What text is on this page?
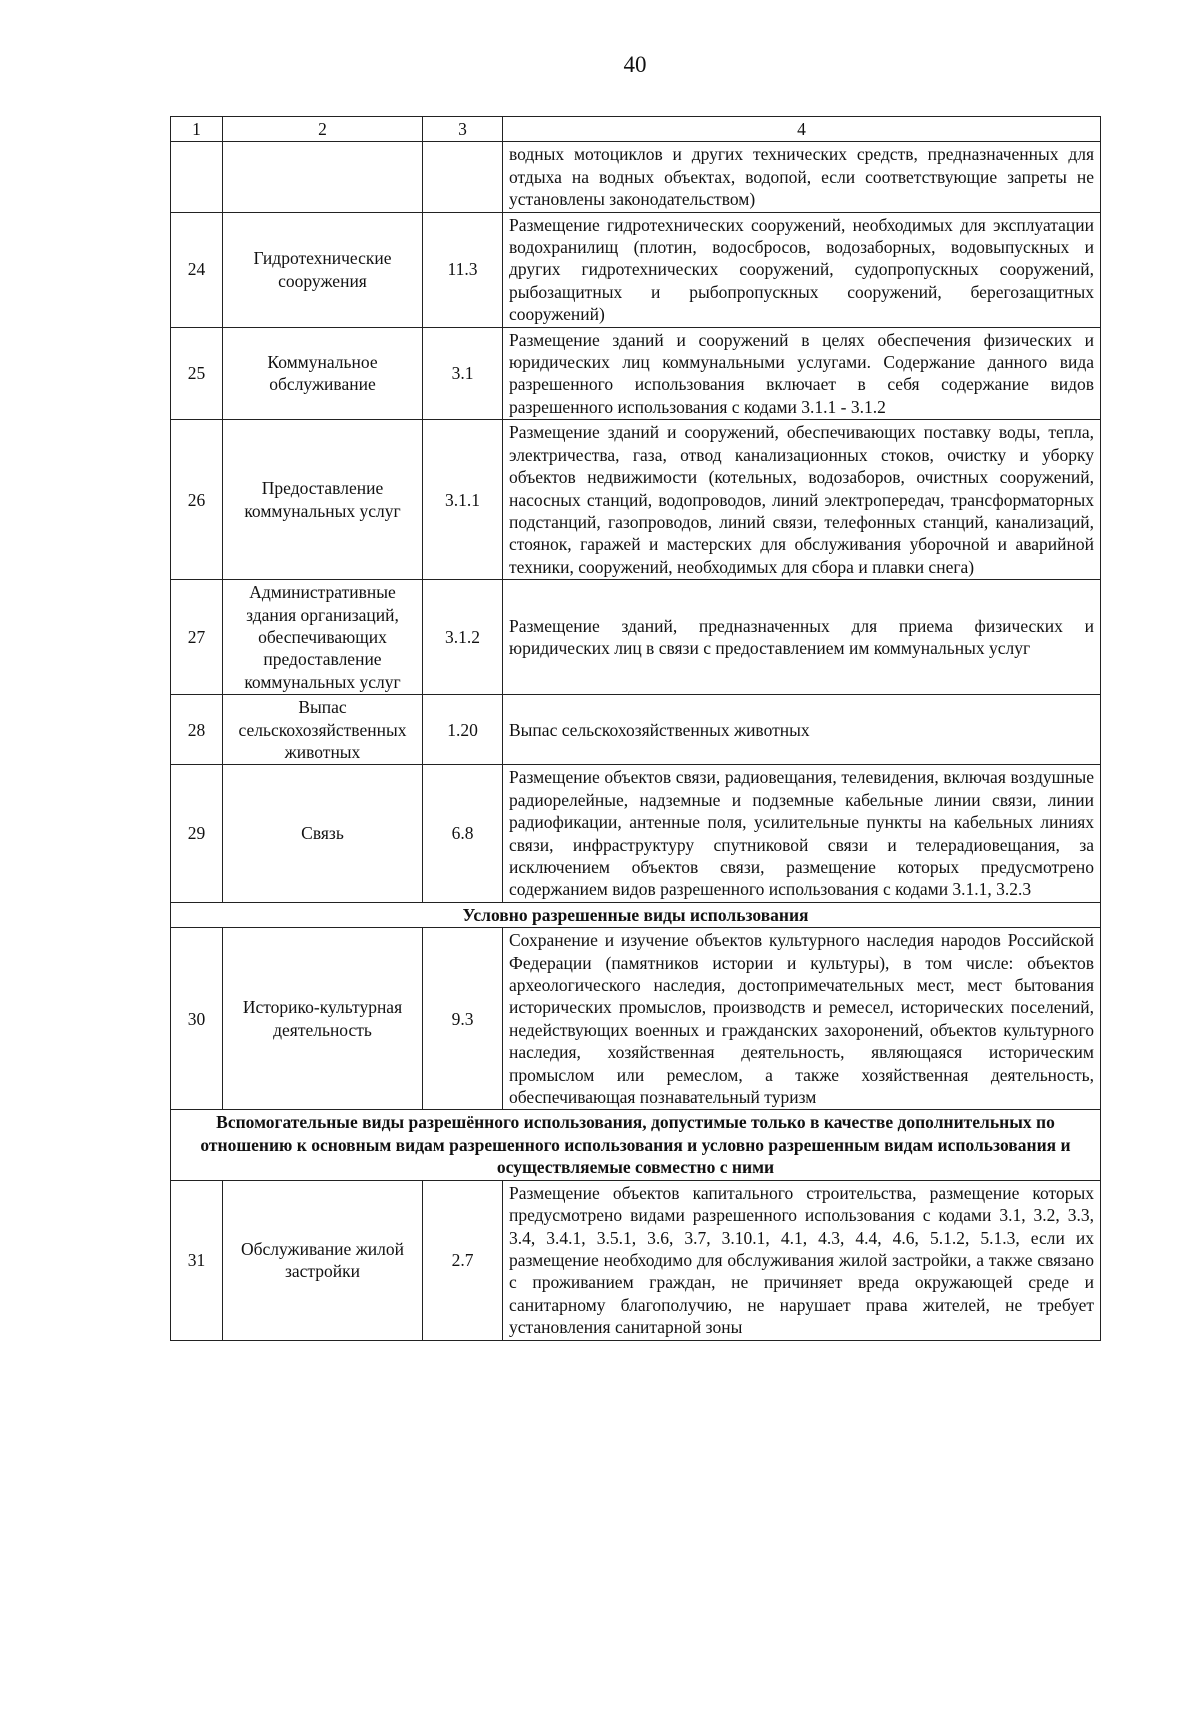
40
1	2	3	4
			водных мотоциклов и других технических средств, предназначенных для отдыха на водных объектах, водопой, если соответствующие запреты не установлены законодательством)
24	Гидротехнические сооружения	11.3	Размещение гидротехнических сооружений, необходимых для эксплуатации водохранилищ (плотин, водосбросов, водозаборных, водовыпускных и других гидротехнических сооружений, судопропускных сооружений, рыбозащитных и рыбопропускных сооружений, берегозащитных сооружений)
25	Коммунальное обслуживание	3.1	Размещение зданий и сооружений в целях обеспечения физических и юридических лиц коммунальными услугами. Содержание данного вида разрешенного использования включает в себя содержание видов разрешенного использования с кодами 3.1.1 - 3.1.2
26	Предоставление коммунальных услуг	3.1.1	Размещение зданий и сооружений, обеспечивающих поставку воды, тепла, электричества, газа, отвод канализационных стоков, очистку и уборку объектов недвижимости (котельных, водозаборов, очистных сооружений, насосных станций, водопроводов, линий электропередач, трансформаторных подстанций, газопроводов, линий связи, телефонных станций, канализаций, стоянок, гаражей и мастерских для обслуживания уборочной и аварийной техники, сооружений, необходимых для сбора и плавки снега)
27	Административные здания организаций, обеспечивающих предоставление коммунальных услуг	3.1.2	Размещение зданий, предназначенных для приема физических и юридических лиц в связи с предоставлением им коммунальных услуг
28	Выпас сельскохозяйственных животных	1.20	Выпас сельскохозяйственных животных
29	Связь	6.8	Размещение объектов связи, радиовещания, телевидения, включая воздушные радиорелейные, надземные и подземные кабельные линии связи, линии радиофикации, антенные поля, усилительные пункты на кабельных линиях связи, инфраструктуру спутниковой связи и телерадиовещания, за исключением объектов связи, размещение которых предусмотрено содержанием видов разрешенного использования с кодами 3.1.1, 3.2.3
Условно разрешенные виды использования			
30	Историко-культурная деятельность	9.3	Сохранение и изучение объектов культурного наследия народов Российской Федерации (памятников истории и культуры), в том числе: объектов археологического наследия, достопримечательных мест, мест бытования исторических промыслов, производств и ремесел, исторических поселений, недействующих военных и гражданских захоронений, объектов культурного наследия, хозяйственная деятельность, являющаяся историческим промыслом или ремеслом, а также хозяйственная деятельность, обеспечивающая познавательный туризм
Вспомогательные виды разрешённого использования, допустимые только в качестве дополнительных по отношению к основным видам разрешенного использования и условно разрешенным видам использования и осуществляемые совместно с ними			
31	Обслуживание жилой застройки	2.7	Размещение объектов капитального строительства, размещение которых предусмотрено видами разрешенного использования с кодами 3.1, 3.2, 3.3, 3.4, 3.4.1, 3.5.1, 3.6, 3.7, 3.10.1, 4.1, 4.3, 4.4, 4.6, 5.1.2, 5.1.3, если их размещение необходимо для обслуживания жилой застройки, а также связано с проживанием граждан, не причиняет вреда окружающей среде и санитарному благополучию, не нарушает права жителей, не требует установления санитарной зоны
